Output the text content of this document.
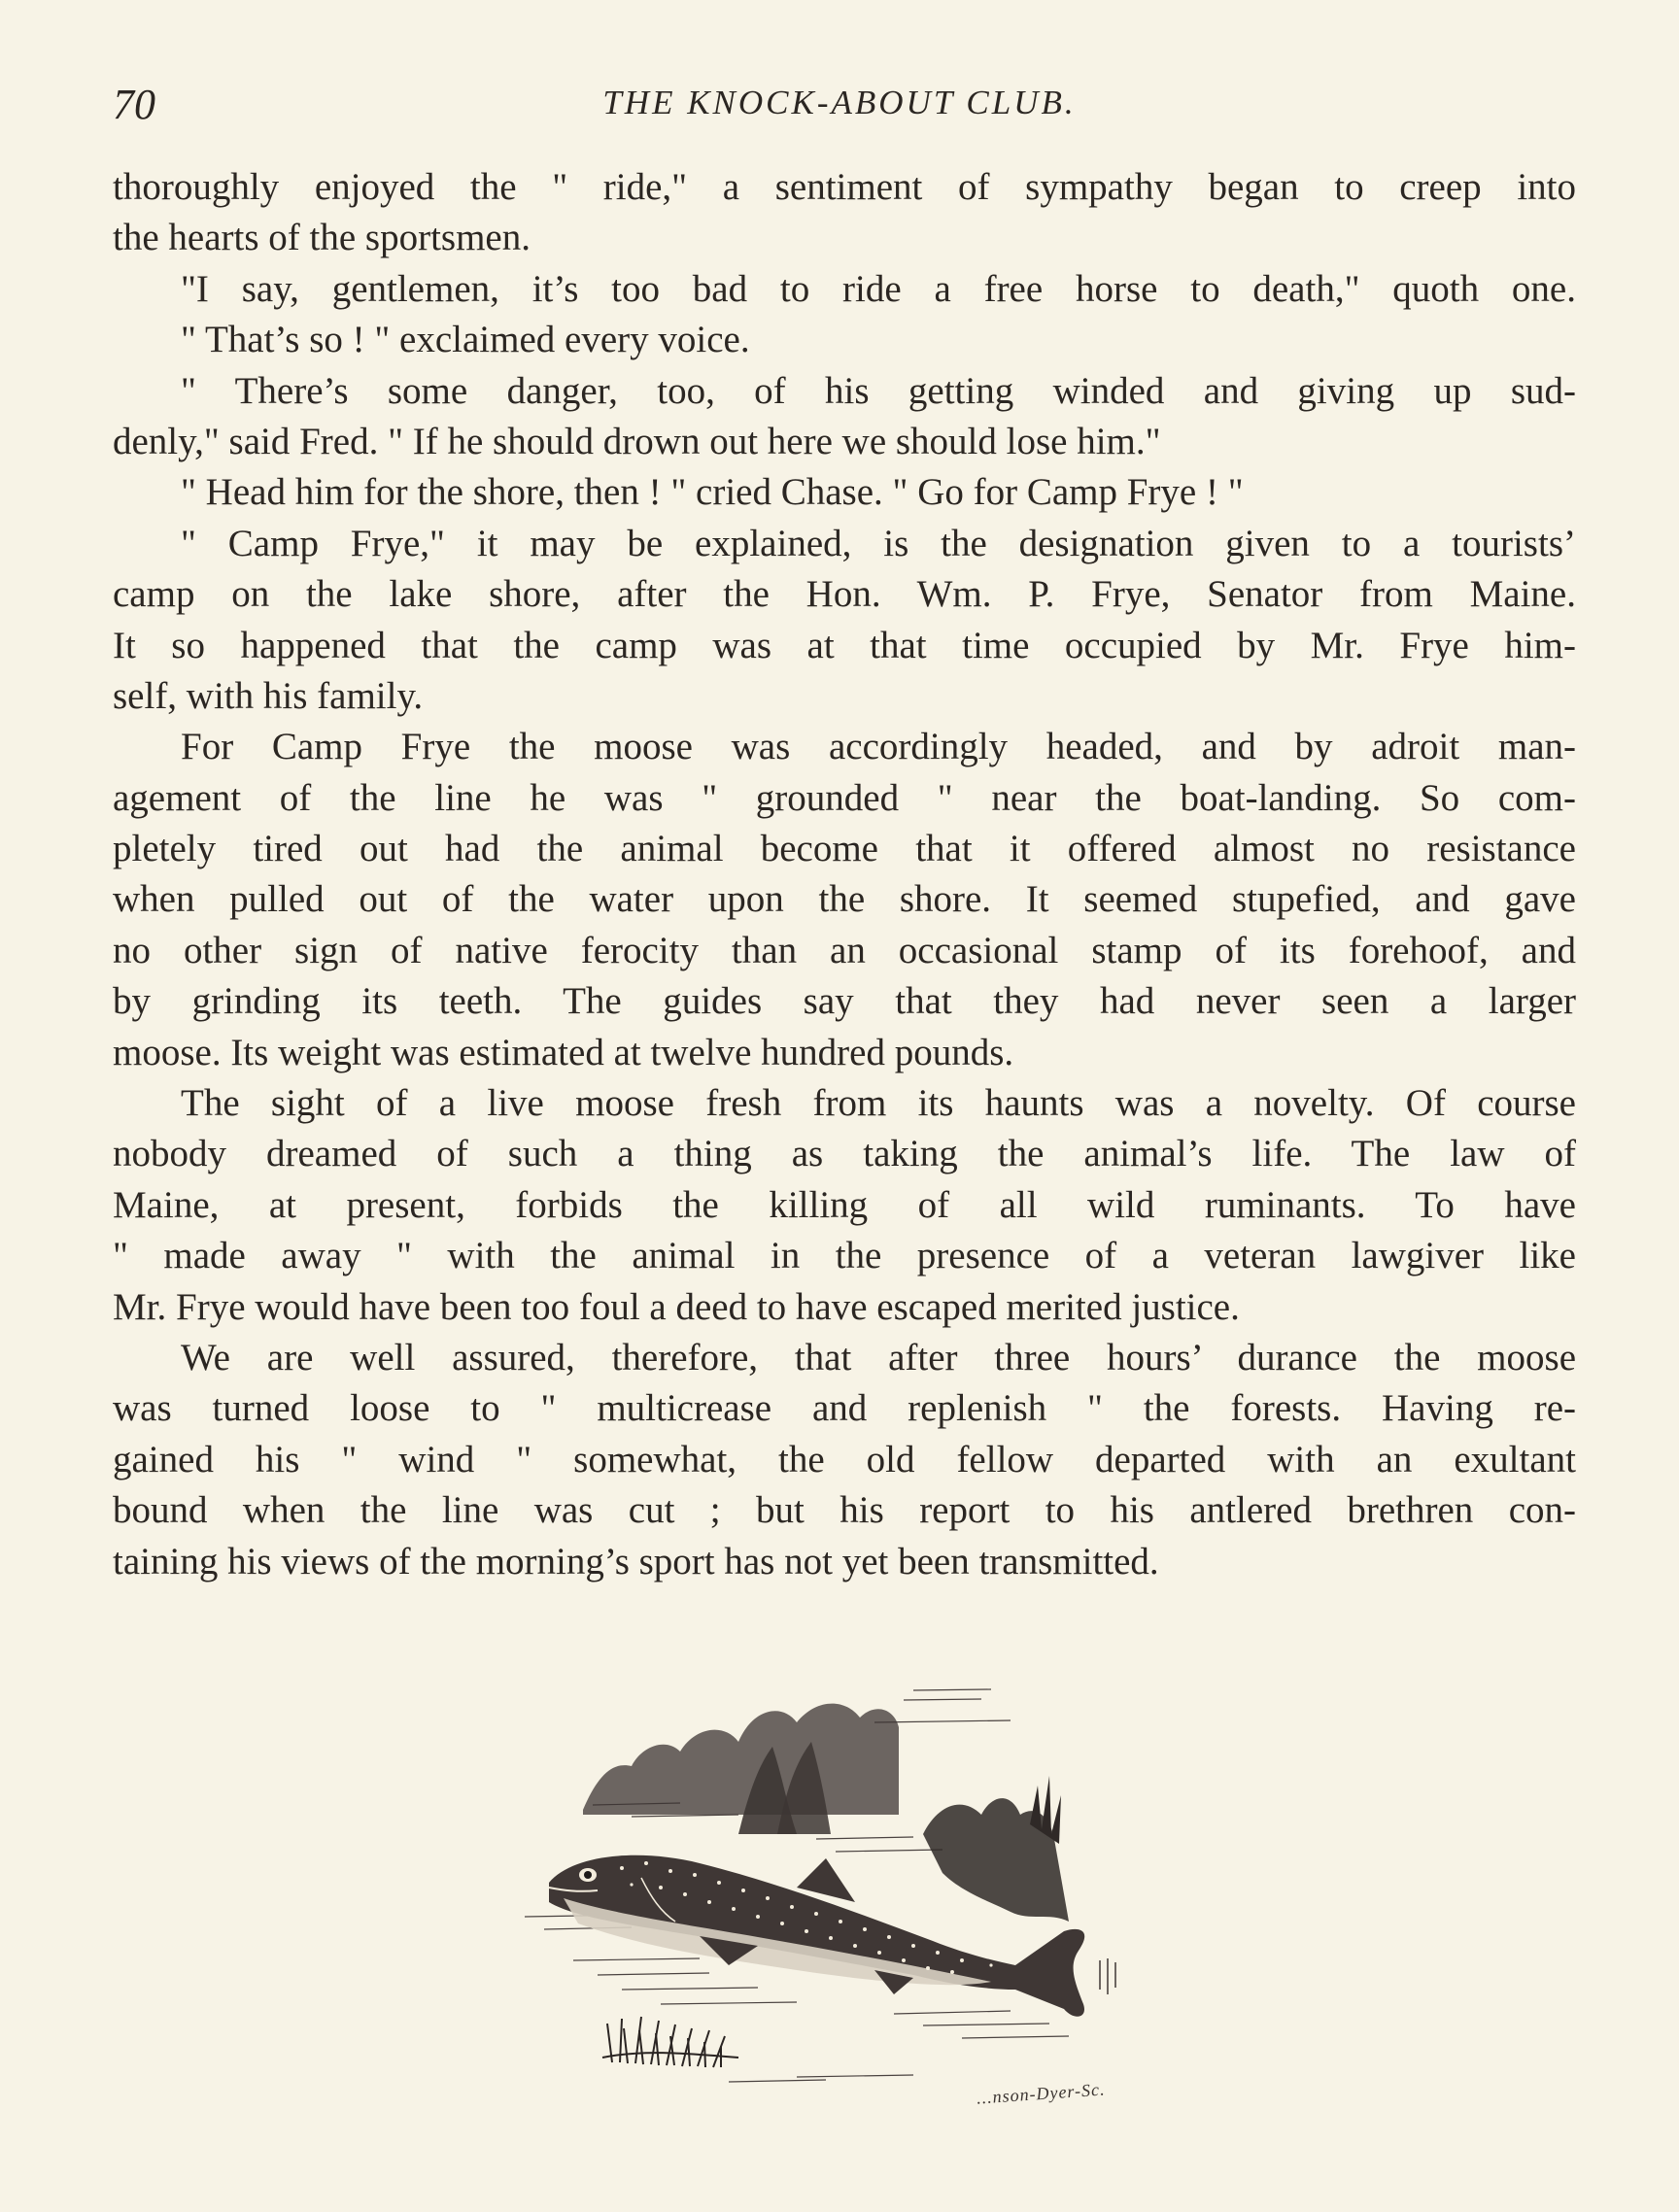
70	THE KNOCK-ABOUT CLUB.
thoroughly enjoyed the " ride," a sentiment of sympathy began to creep into
the hearts of the sportsmen.
"I say, gentlemen, it’s too bad to ride a free horse to death," quoth one.
" That’s so ! " exclaimed every voice.
" There’s some danger, too, of his getting winded and giving up sud-
denly," said Fred. " If he should drown out here we should lose him."
" Head him for the shore, then ! " cried Chase. " Go for Camp Frye ! "
" Camp Frye," it may be explained, is the designation given to a tourists’
camp on the lake shore, after the Hon. Wm. P. Frye, Senator from Maine.
It so happened that the camp was at that time occupied by Mr. Frye him-
self, with his family.
For Camp Frye the moose was accordingly headed, and by adroit man-
agement of the line he was " grounded " near the boat-landing. So com-
pletely tired out had the animal become that it offered almost no resistance
when pulled out of the water upon the shore. It seemed stupefied, and gave
no other sign of native ferocity than an occasional stamp of its forehoof, and
by grinding its teeth. The guides say that they had never seen a larger
moose. Its weight was estimated at twelve hundred pounds.
The sight of a live moose fresh from its haunts was a novelty. Of course
nobody dreamed of such a thing as taking the animal’s life. The law of
Maine, at present, forbids the killing of all wild ruminants. To have
" made away " with the animal in the presence of a veteran lawgiver like
Mr. Frye would have been too foul a deed to have escaped merited justice.
We are well assured, therefore, that after three hours’ durance the moose
was turned loose to " multicrease and replenish " the forests. Having re-
gained his " wind " somewhat, the old fellow departed with an exultant
bound when the line was cut ; but his report to his antlered brethren con-
taining his views of the morning’s sport has not yet been transmitted.
...nson-Dyer-Sc.
